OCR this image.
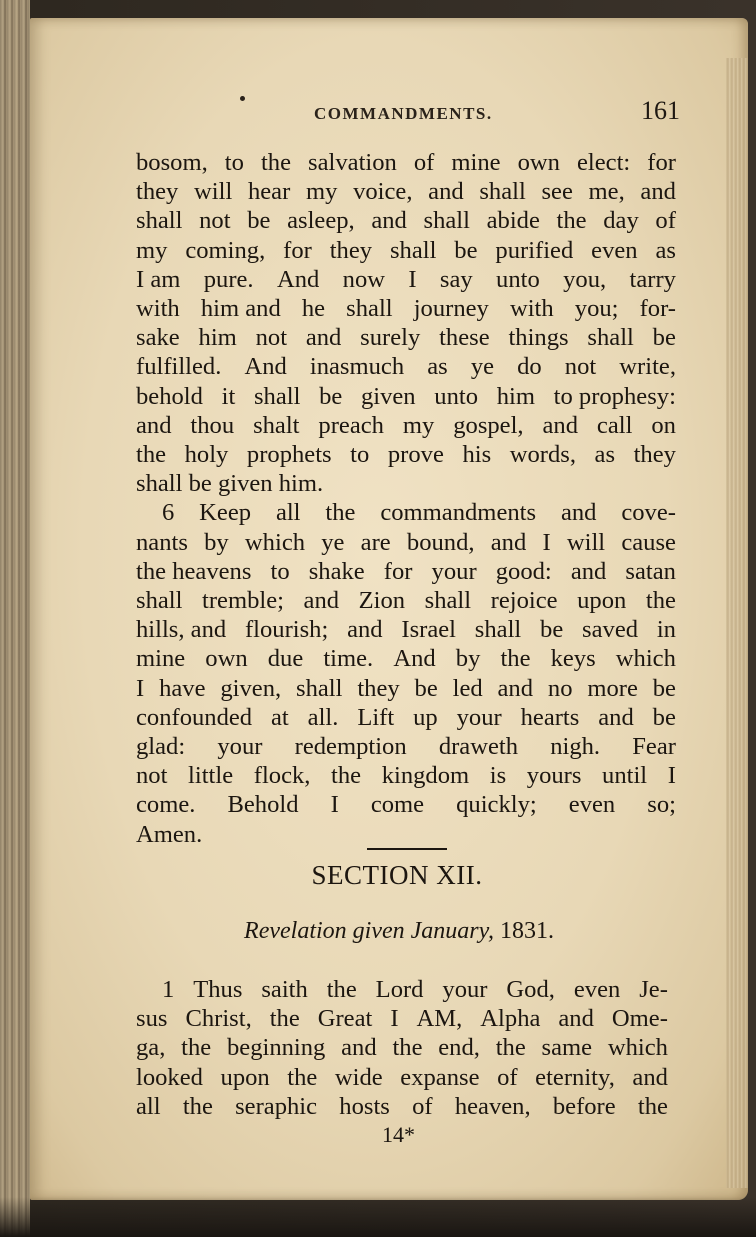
COMMANDMENTS.	161
bosom, to the salvation of mine own elect: for
they will hear my voice, and shall see me, and
shall not be asleep, and shall abide the day of
my coming, for they shall be purified even as
I am pure. And now I say unto you, tarry
with him and he shall journey with you; for-
sake him not and surely these things shall be
fulfilled. And inasmuch as ye do not write,
behold it shall be given unto him to prophesy:
and thou shalt preach my gospel, and call on
the holy prophets to prove his words, as they
shall be given him.
6 Keep all the commandments and cove-
nants by which ye are bound, and I will cause
the heavens to shake for your good: and satan
shall tremble; and Zion shall rejoice upon the
hills, and flourish; and Israel shall be saved in
mine own due time. And by the keys which
I have given, shall they be led and no more be
confounded at all. Lift up your hearts and be
glad: your redemption draweth nigh. Fear
not little flock, the kingdom is yours until I
come. Behold I come quickly; even so;
Amen.
SECTION XII.
Revelation given January, 1831.
1 Thus saith the Lord your God, even Je-
sus Christ, the Great I AM, Alpha and Ome-
ga, the beginning and the end, the same which
looked upon the wide expanse of eternity, and
all the seraphic hosts of heaven, before the
14*
